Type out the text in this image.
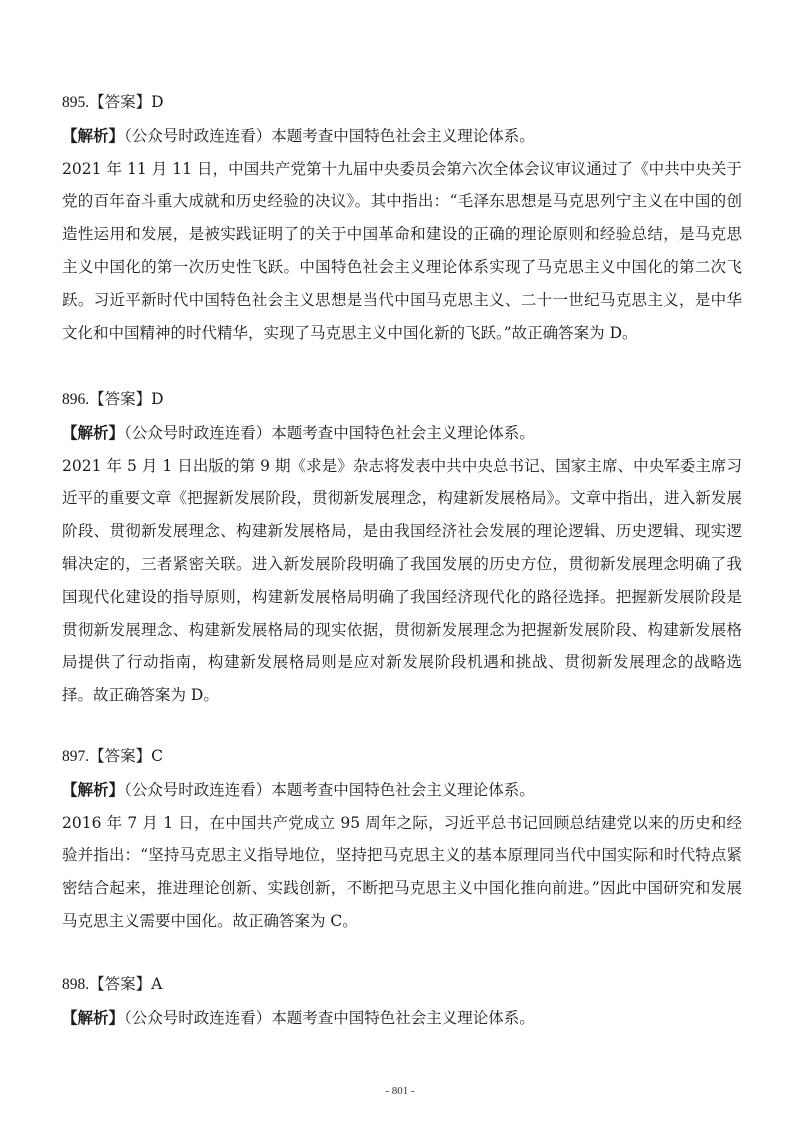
895.【答案】D
【解析】（公众号时政连连看）本题考查中国特色社会主义理论体系。
2021 年 11 月 11 日，中国共产党第十九届中央委员会第六次全体会议审议通过了《中共中央关于党的百年奋斗重大成就和历史经验的决议》。其中指出：“毛泽东思想是马克思列宁主义在中国的创造性运用和发展，是被实践证明了的关于中国革命和建设的正确的理论原则和经验总结，是马克思主义中国化的第一次历史性飞跃。中国特色社会主义理论体系实现了马克思主义中国化的第二次飞跃。习近平新时代中国特色社会主义思想是当代中国马克思主义、二十一世纪马克思主义，是中华文化和中国精神的时代精华，实现了马克思主义中国化新的飞跃。”故正确答案为 D。
896.【答案】D
【解析】（公众号时政连连看）本题考查中国特色社会主义理论体系。
2021 年 5 月 1 日出版的第 9 期《求是》杂志将发表中共中央总书记、国家主席、中央军委主席习近平的重要文章《把握新发展阶段，贯彻新发展理念，构建新发展格局》。文章中指出，进入新发展阶段、贯彻新发展理念、构建新发展格局，是由我国经济社会发展的理论逻辑、历史逻辑、现实逻辑决定的，三者紧密关联。进入新发展阶段明确了我国发展的历史方位，贯彻新发展理念明确了我国现代化建设的指导原则，构建新发展格局明确了我国经济现代化的路径选择。把握新发展阶段是贯彻新发展理念、构建新发展格局的现实依据，贯彻新发展理念为把握新发展阶段、构建新发展格局提供了行动指南，构建新发展格局则是应对新发展阶段机遇和挑战、贯彻新发展理念的战略选择。故正确答案为 D。
897.【答案】C
【解析】（公众号时政连连看）本题考查中国特色社会主义理论体系。
2016 年 7 月 1 日，在中国共产党成立 95 周年之际，习近平总书记回顾总结建党以来的历史和经验并指出：“坚持马克思主义指导地位，坚持把马克思主义的基本原理同当代中国实际和时代特点紧密结合起来，推进理论创新、实践创新，不断把马克思主义中国化推向前进。”因此中国研究和发展马克思主义需要中国化。故正确答案为 C。
898.【答案】A
【解析】（公众号时政连连看）本题考查中国特色社会主义理论体系。
- 801 -
